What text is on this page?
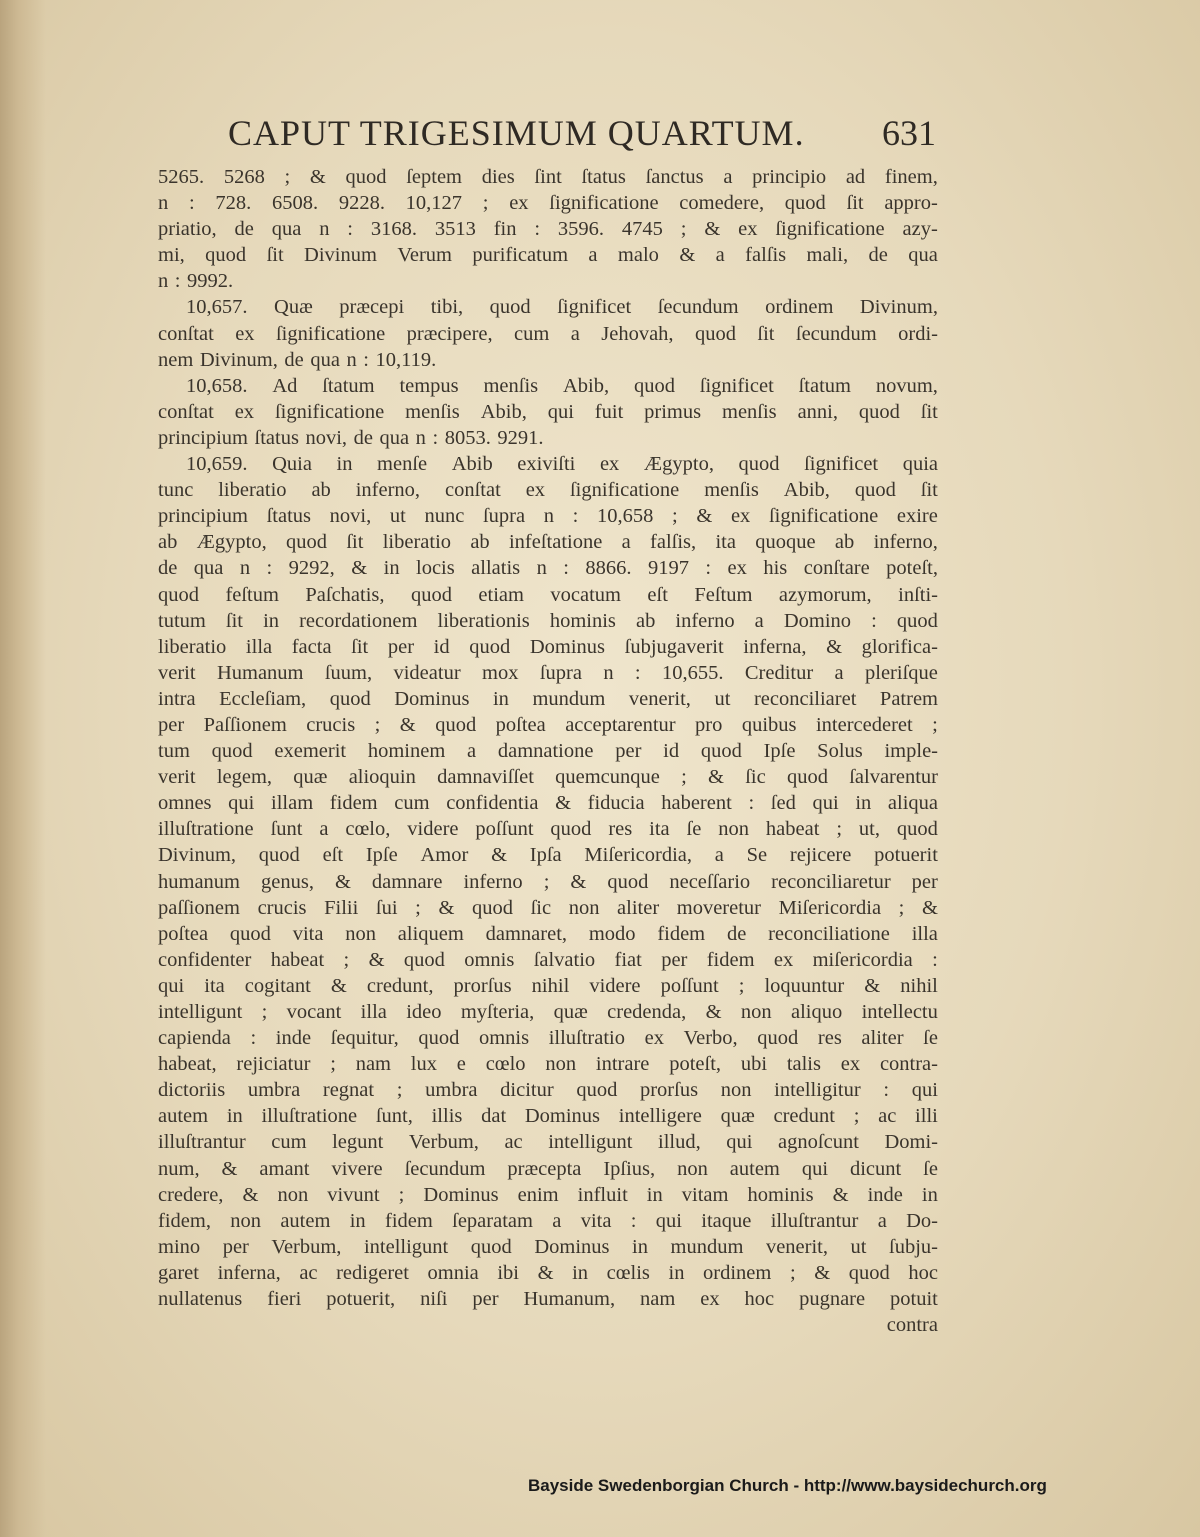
CAPUT TRIGESIMUM QUARTUM. 631
5265. 5268 ; & quod ſeptem dies ſint ſtatus ſanctus a principio ad finem,
n : 728. 6508. 9228. 10,127 ; ex ſignificatione comedere, quod ſit appro-
priatio, de qua n : 3168. 3513 fin : 3596. 4745 ; & ex ſignificatione azy-
mi, quod ſit Divinum Verum purificatum a malo & a falſis mali, de qua
n : 9992.
10,657. Quæ præcepi tibi, quod ſignificet ſecundum ordinem Divinum,
conſtat ex ſignificatione præcipere, cum a Jehovah, quod ſit ſecundum ordi-
nem Divinum, de qua n : 10,119.
10,658. Ad ſtatum tempus menſis Abib, quod ſignificet ſtatum novum,
conſtat ex ſignificatione menſis Abib, qui fuit primus menſis anni, quod ſit
principium ſtatus novi, de qua n : 8053. 9291.
10,659. Quia in menſe Abib exiviſti ex Ægypto, quod ſignificet quia
tunc liberatio ab inferno, conſtat ex ſignificatione menſis Abib, quod ſit
principium ſtatus novi, ut nunc ſupra n : 10,658 ; & ex ſignificatione exire
ab Ægypto, quod ſit liberatio ab infeſtatione a falſis, ita quoque ab inferno,
de qua n : 9292, & in locis allatis n : 8866. 9197 : ex his conſtare poteſt,
quod feſtum Paſchatis, quod etiam vocatum eſt Feſtum azymorum, inſti-
tutum ſit in recordationem liberationis hominis ab inferno a Domino : quod
liberatio illa facta ſit per id quod Dominus ſubjugaverit inferna, & glorifica-
verit Humanum ſuum, videatur mox ſupra n : 10,655. Creditur a pleriſque
intra Eccleſiam, quod Dominus in mundum venerit, ut reconciliaret Patrem
per Paſſionem crucis ; & quod poſtea acceptarentur pro quibus intercederet ;
tum quod exemerit hominem a damnatione per id quod Ipſe Solus imple-
verit legem, quæ alioquin damnaviſſet quemcunque ; & ſic quod ſalvarentur
omnes qui illam fidem cum confidentia & fiducia haberent : ſed qui in aliqua
illuſtratione ſunt a cœlo, videre poſſunt quod res ita ſe non habeat ; ut, quod
Divinum, quod eſt Ipſe Amor & Ipſa Miſericordia, a Se rejicere potuerit
humanum genus, & damnare inferno ; & quod neceſſario reconciliaretur per
paſſionem crucis Filii ſui ; & quod ſic non aliter moveretur Miſericordia ; &
poſtea quod vita non aliquem damnaret, modo fidem de reconciliatione illa
confidenter habeat ; & quod omnis ſalvatio fiat per fidem ex miſericordia :
qui ita cogitant & credunt, prorſus nihil videre poſſunt ; loquuntur & nihil
intelligunt ; vocant illa ideo myſteria, quæ credenda, & non aliquo intellectu
capienda : inde ſequitur, quod omnis illuſtratio ex Verbo, quod res aliter ſe
habeat, rejiciatur ; nam lux e cœlo non intrare poteſt, ubi talis ex contra-
dictoriis umbra regnat ; umbra dicitur quod prorſus non intelligitur : qui
autem in illuſtratione ſunt, illis dat Dominus intelligere quæ credunt ; ac illi
illuſtrantur cum legunt Verbum, ac intelligunt illud, qui agnoſcunt Domi-
num, & amant vivere ſecundum præcepta Ipſius, non autem qui dicunt ſe
credere, & non vivunt ; Dominus enim influit in vitam hominis & inde in
fidem, non autem in fidem ſeparatam a vita : qui itaque illuſtrantur a Do-
mino per Verbum, intelligunt quod Dominus in mundum venerit, ut ſubju-
garet inferna, ac redigeret omnia ibi & in cœlis in ordinem ; & quod hoc
nullatenus fieri potuerit, niſi per Humanum, nam ex hoc pugnare potuit
contra
Bayside Swedenborgian Church - http://www.baysidechurch.org
